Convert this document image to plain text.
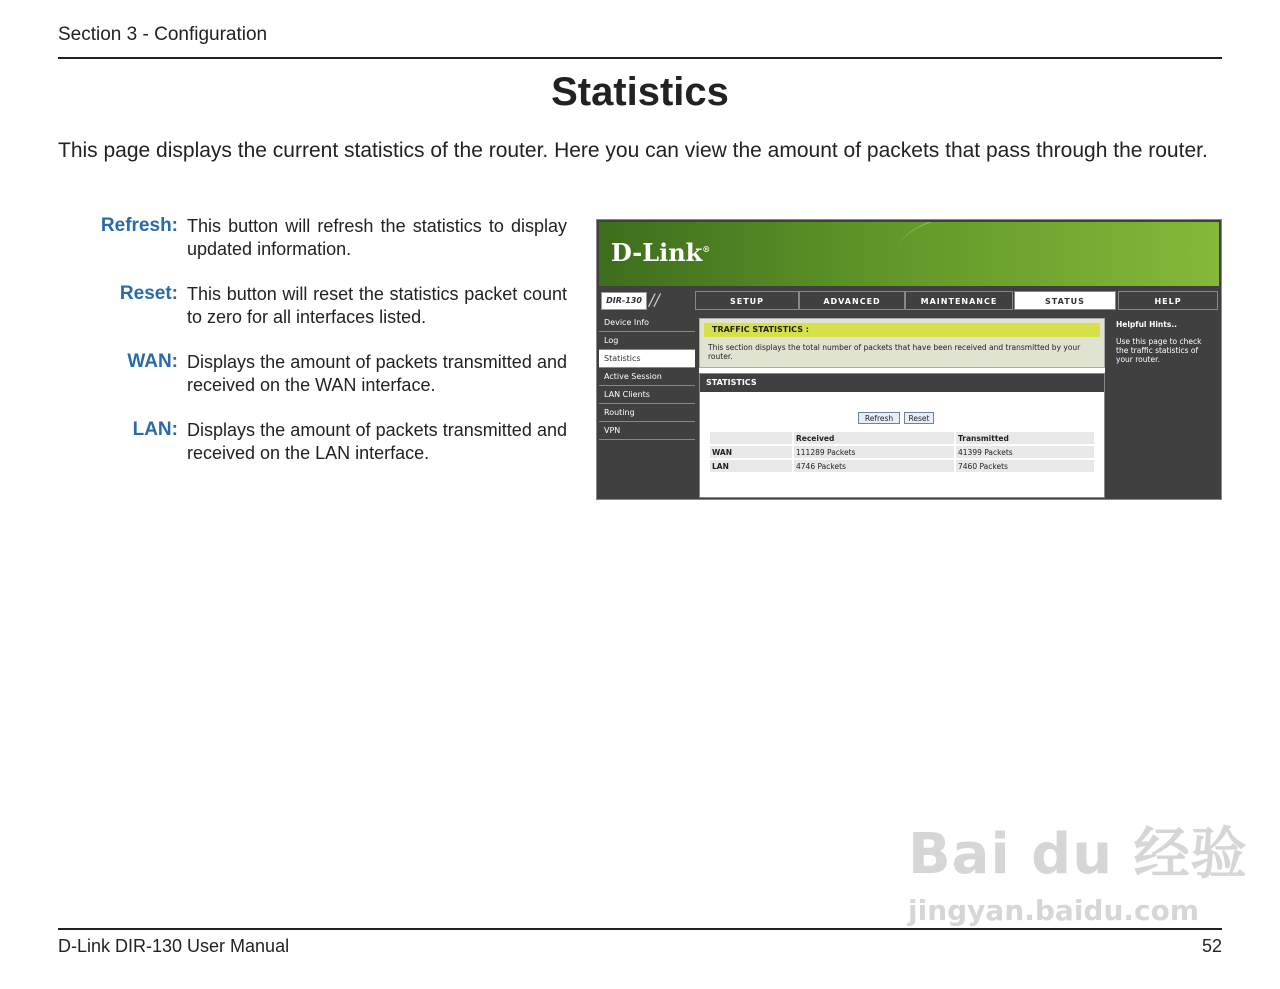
Section 3 - Configuration
Statistics
This page displays the current statistics of the router. Here you can view the amount of packets that pass through the router.
Refresh: This button will refresh the statistics to display updated information.
Reset: This button will reset the statistics packet count to zero for all interfaces listed.
WAN: Displays the amount of packets transmitted and received on the WAN interface.
LAN: Displays the amount of packets transmitted and received on the LAN interface.
D-Link®
DIR-130 //	SETUP	ADVANCED	MAINTENANCE	STATUS	HELP
Device Info
Log
Statistics
Active Session
LAN Clients
Routing
VPN
TRAFFIC STATISTICS :
This section displays the total number of packets that have been received and transmitted by your router.
STATISTICS
Refresh	Reset
	Received	Transmitted
WAN	111289 Packets	41399 Packets
LAN	4746 Packets	7460 Packets
Helpful Hints..
Use this page to check the traffic statistics of your router.
Bai du 经验
jingyan.baidu.com
D-Link DIR-130 User Manual	52
